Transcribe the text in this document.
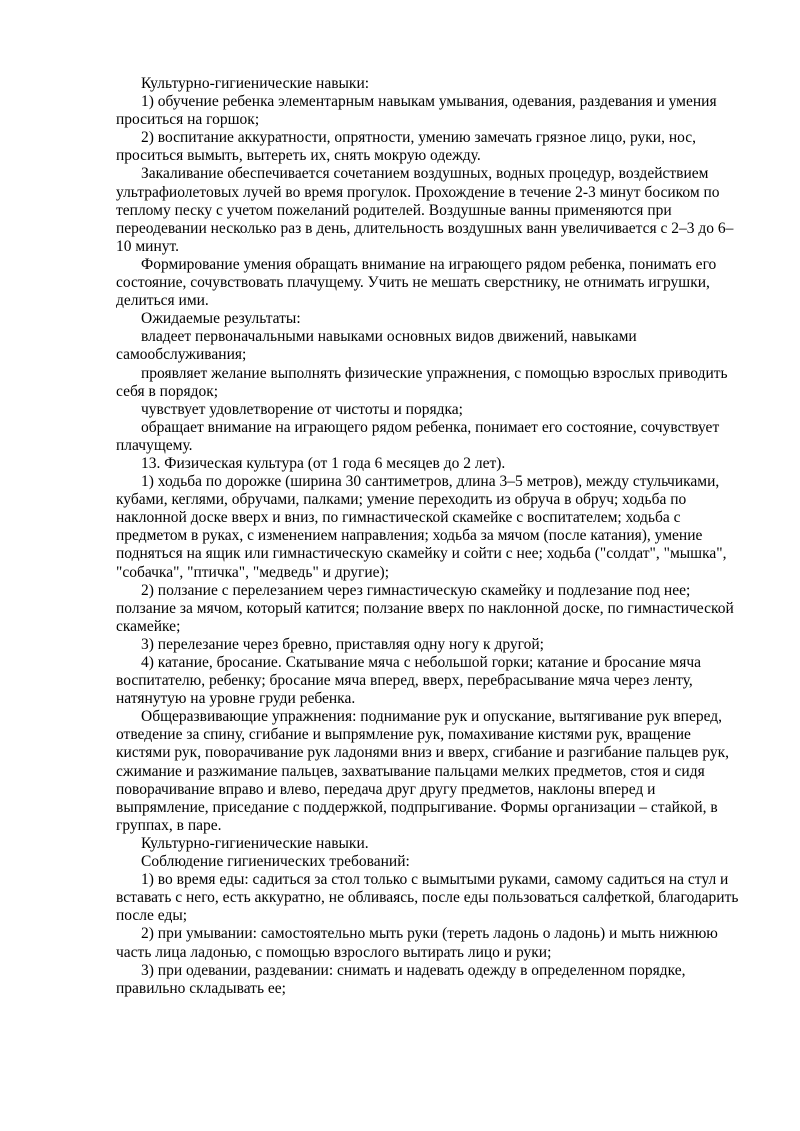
Культурно-гигиенические навыки:

1) обучение ребенка элементарным навыкам умывания, одевания, раздевания и умения проситься на горшок;

2) воспитание аккуратности, опрятности, умению замечать грязное лицо, руки, нос, проситься вымыть, вытереть их, снять мокрую одежду.

Закаливание обеспечивается сочетанием воздушных, водных процедур, воздействием ультрафиолетовых лучей во время прогулок. Прохождение в течение 2-3 минут босиком по теплому песку с учетом пожеланий родителей. Воздушные ванны применяются при переодевании несколько раз в день, длительность воздушных ванн увеличивается с 2–3 до 6–10 минут.

Формирование умения обращать внимание на играющего рядом ребенка, понимать его состояние, сочувствовать плачущему. Учить не мешать сверстнику, не отнимать игрушки, делиться ими.

Ожидаемые результаты:

владеет первоначальными навыками основных видов движений, навыками самообслуживания;

проявляет желание выполнять физические упражнения, с помощью взрослых приводить себя в порядок;

чувствует удовлетворение от чистоты и порядка;

обращает внимание на играющего рядом ребенка, понимает его состояние, сочувствует плачущему.

13. Физическая культура (от 1 года 6 месяцев до 2 лет).

1) ходьба по дорожке (ширина 30 сантиметров, длина 3–5 метров), между стульчиками, кубами, кеглями, обручами, палками; умение переходить из обруча в обруч; ходьба по наклонной доске вверх и вниз, по гимнастической скамейке с воспитателем; ходьба с предметом в руках, с изменением направления; ходьба за мячом (после катания), умение подняться на ящик или гимнастическую скамейку и сойти с нее; ходьба ("солдат", "мышка", "собачка", "птичка", "медведь" и другие);

2) ползание с перелезанием через гимнастическую скамейку и подлезание под нее; ползание за мячом, который катится; ползание вверх по наклонной доске, по гимнастической скамейке;

3) перелезание через бревно, приставляя одну ногу к другой;

4) катание, бросание. Скатывание мяча с небольшой горки; катание и бросание мяча воспитателю, ребенку; бросание мяча вперед, вверх, перебрасывание мяча через ленту, натянутую на уровне груди ребенка.

Общеразвивающие упражнения: поднимание рук и опускание, вытягивание рук вперед, отведение за спину, сгибание и выпрямление рук, помахивание кистями рук, вращение кистями рук, поворачивание рук ладонями вниз и вверх, сгибание и разгибание пальцев рук, сжимание и разжимание пальцев, захватывание пальцами мелких предметов, стоя и сидя поворачивание вправо и влево, передача друг другу предметов, наклоны вперед и выпрямление, приседание с поддержкой, подпрыгивание. Формы организации – стайкой, в группах, в паре.

Культурно-гигиенические навыки.

Соблюдение гигиенических требований:

1) во время еды: садиться за стол только с вымытыми руками, самому садиться на стул и вставать с него, есть аккуратно, не обливаясь, после еды пользоваться салфеткой, благодарить после еды;

2) при умывании: самостоятельно мыть руки (тереть ладонь о ладонь) и мыть нижнюю часть лица ладонью, с помощью взрослого вытирать лицо и руки;

3) при одевании, раздевании: снимать и надевать одежду в определенном порядке, правильно складывать ее;
